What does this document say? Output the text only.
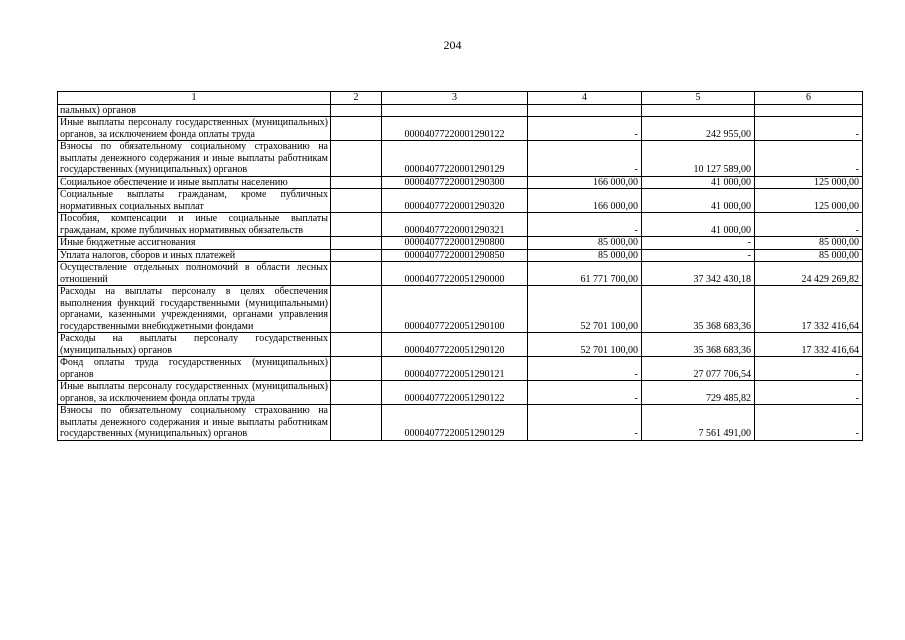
204
1	2	3	4	5	6
пальных) органов					
Иные выплаты персоналу государственных (муниципальных) органов, за исключением фонда оплаты труда		00004077220001290122	-	242 955,00	-
Взносы по обязательному социальному страхованию на выплаты денежного содержания и иные выплаты работникам государственных (муниципальных) органов		00004077220001290129	-	10 127 589,00	-
Социальное обеспечение и иные выплаты населению		00004077220001290300	166 000,00	41 000,00	125 000,00
Социальные выплаты гражданам, кроме публичных нормативных социальных выплат		00004077220001290320	166 000,00	41 000,00	125 000,00
Пособия, компенсации и иные социальные выплаты гражданам, кроме публичных нормативных обязательств		00004077220001290321	-	41 000,00	-
Иные бюджетные ассигнования		00004077220001290800	85 000,00	-	85 000,00
Уплата налогов, сборов и иных платежей		00004077220001290850	85 000,00	-	85 000,00
Осуществление отдельных полномочий в области лесных отношений		00004077220051290000	61 771 700,00	37 342 430,18	24 429 269,82
Расходы на выплаты персоналу в целях обеспечения выполнения функций государственными (муниципальными) органами, казенными учреждениями, органами управления государственными внебюджетными фондами		00004077220051290100	52 701 100,00	35 368 683,36	17 332 416,64
Расходы на выплаты персоналу государственных (муниципальных) органов		00004077220051290120	52 701 100,00	35 368 683,36	17 332 416,64
Фонд оплаты труда государственных (муниципальных) органов		00004077220051290121	-	27 077 706,54	-
Иные выплаты персоналу государственных (муниципальных) органов, за исключением фонда оплаты труда		00004077220051290122	-	729 485,82	-
Взносы по обязательному социальному страхованию на выплаты денежного содержания и иные выплаты работникам государственных (муниципальных) органов		00004077220051290129	-	7 561 491,00	-
